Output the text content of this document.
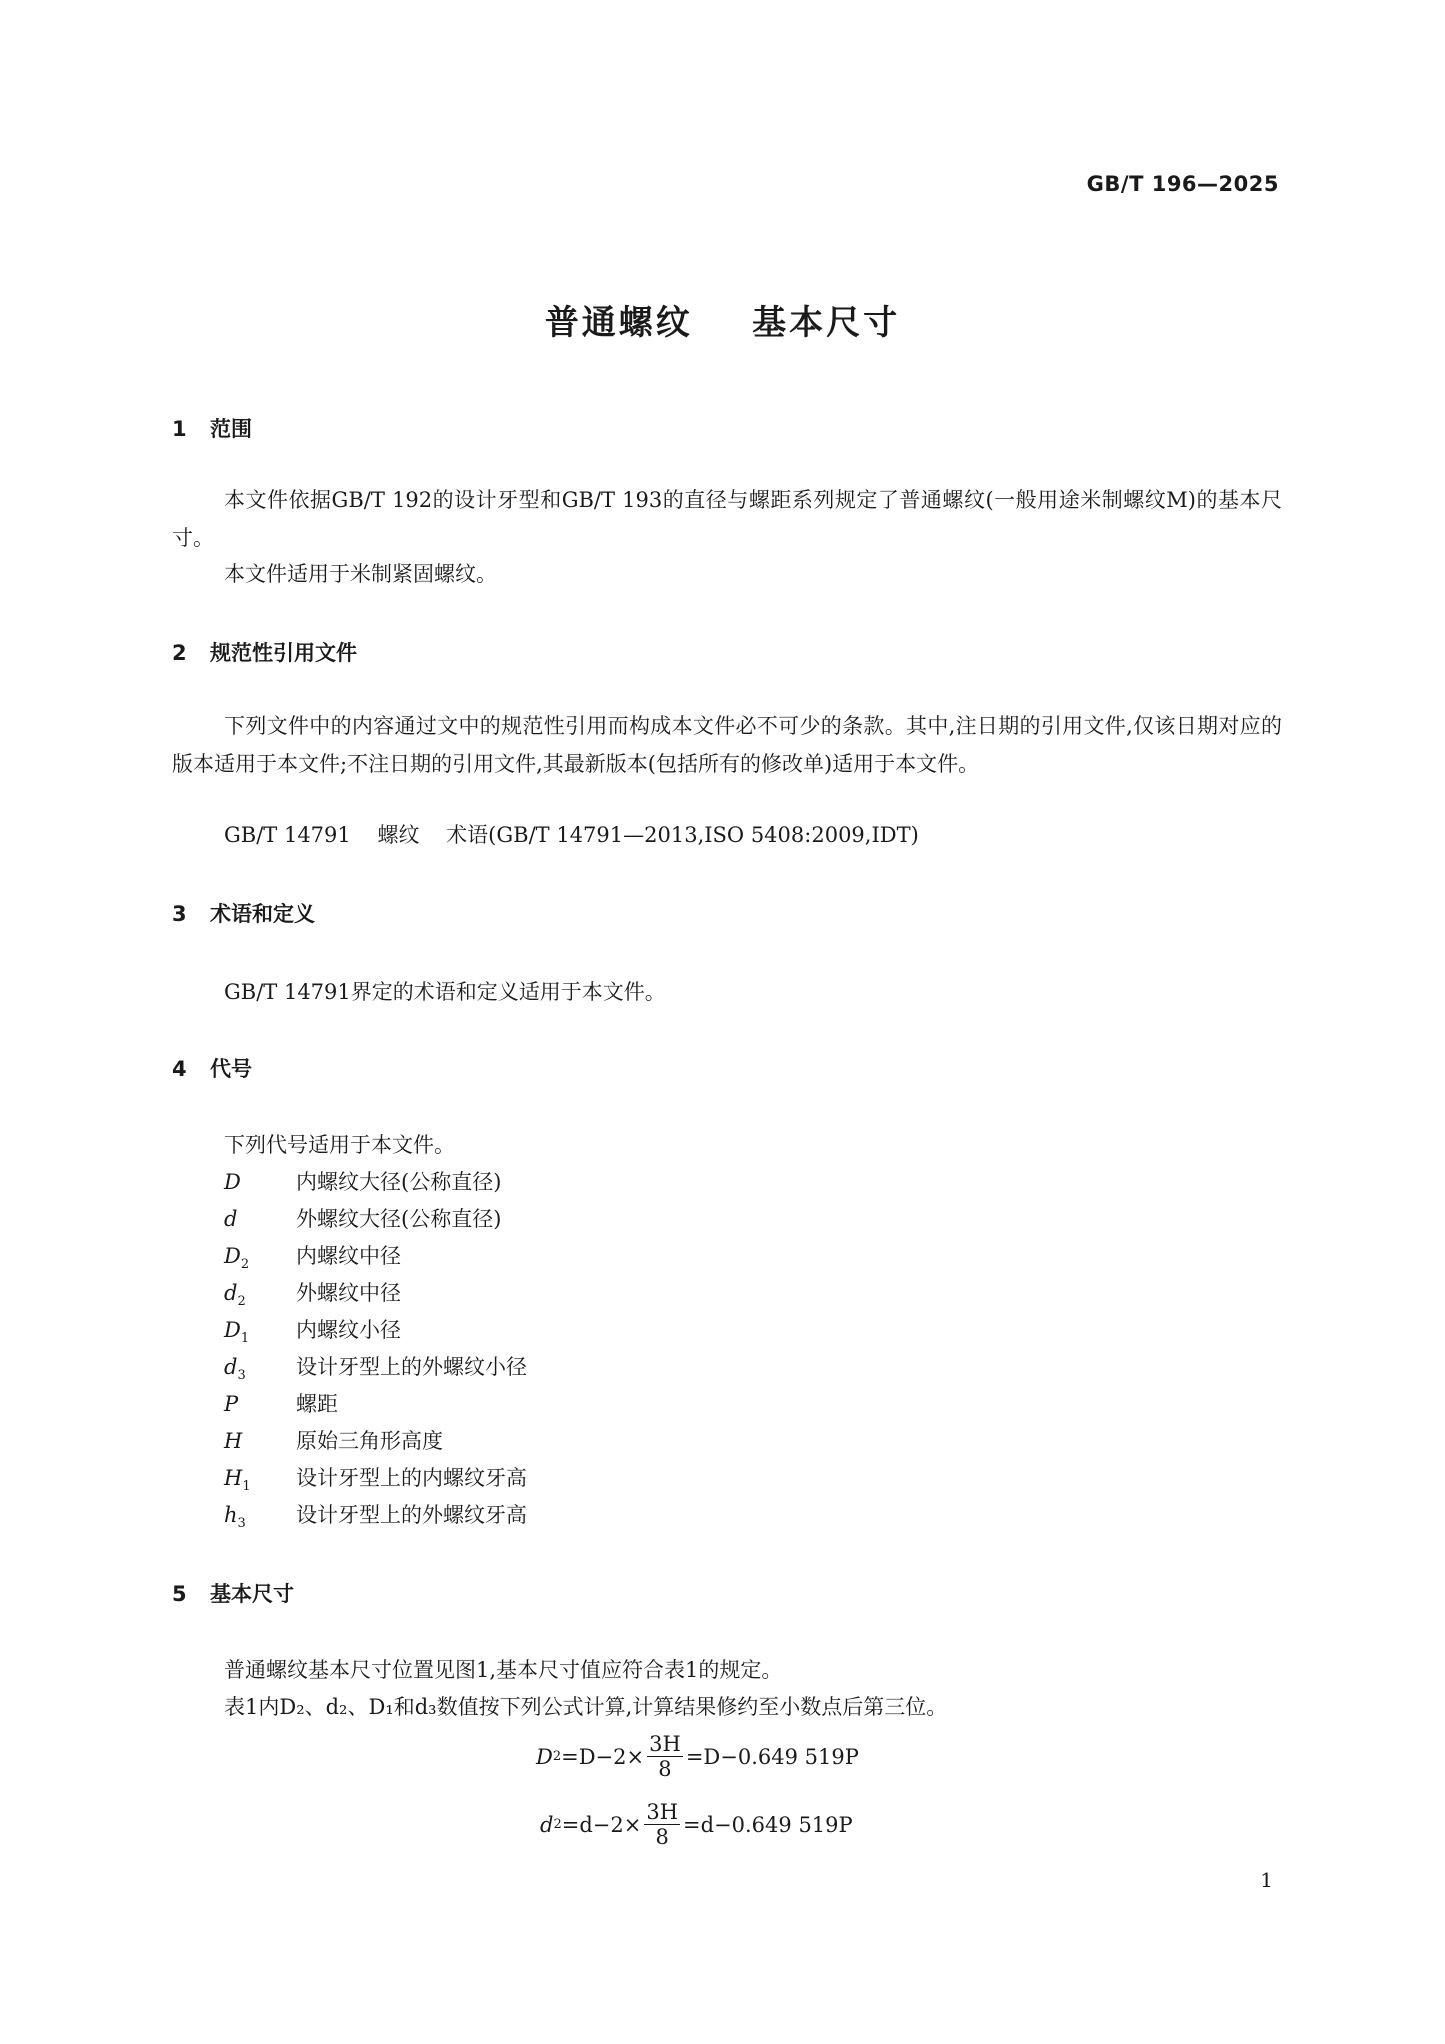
GB/T 196—2025
普通螺纹    基本尺寸
1 范围
本文件依据GB/T 192的设计牙型和GB/T 193的直径与螺距系列规定了普通螺纹(一般用途米制螺纹M)的基本尺寸。
本文件适用于米制紧固螺纹。
2 规范性引用文件
下列文件中的内容通过文中的规范性引用而构成本文件必不可少的条款。其中,注日期的引用文件,仅该日期对应的版本适用于本文件;不注日期的引用文件,其最新版本(包括所有的修改单)适用于本文件。
GB/T 14791    螺纹    术语(GB/T 14791—2013,ISO 5408:2009,IDT)
3 术语和定义
GB/T 14791界定的术语和定义适用于本文件。
4 代号
下列代号适用于本文件。
D	内螺纹大径(公称直径)
d	外螺纹大径(公称直径)
$D_2$ 内螺纹中径
$d_2$ 外螺纹中径
$D_1$ 内螺纹小径
$d_3$ 设计牙型上的外螺纹小径
P	螺距
H	原始三角形高度
$H_1$ 设计牙型上的内螺纹牙高
$h_3$ 设计牙型上的外螺纹牙高
5 基本尺寸
普通螺纹基本尺寸位置见图1,基本尺寸值应符合表1的规定。
表1内D₂、d₂、D₁和d₃数值按下列公式计算,计算结果修约至小数点后第三位。
D $2 =D-2\times \frac{3H}{8} =D-0.649$ 519P
d $2 =d-2\times \frac{3H}{8} =d-0.649$ 519P
1
